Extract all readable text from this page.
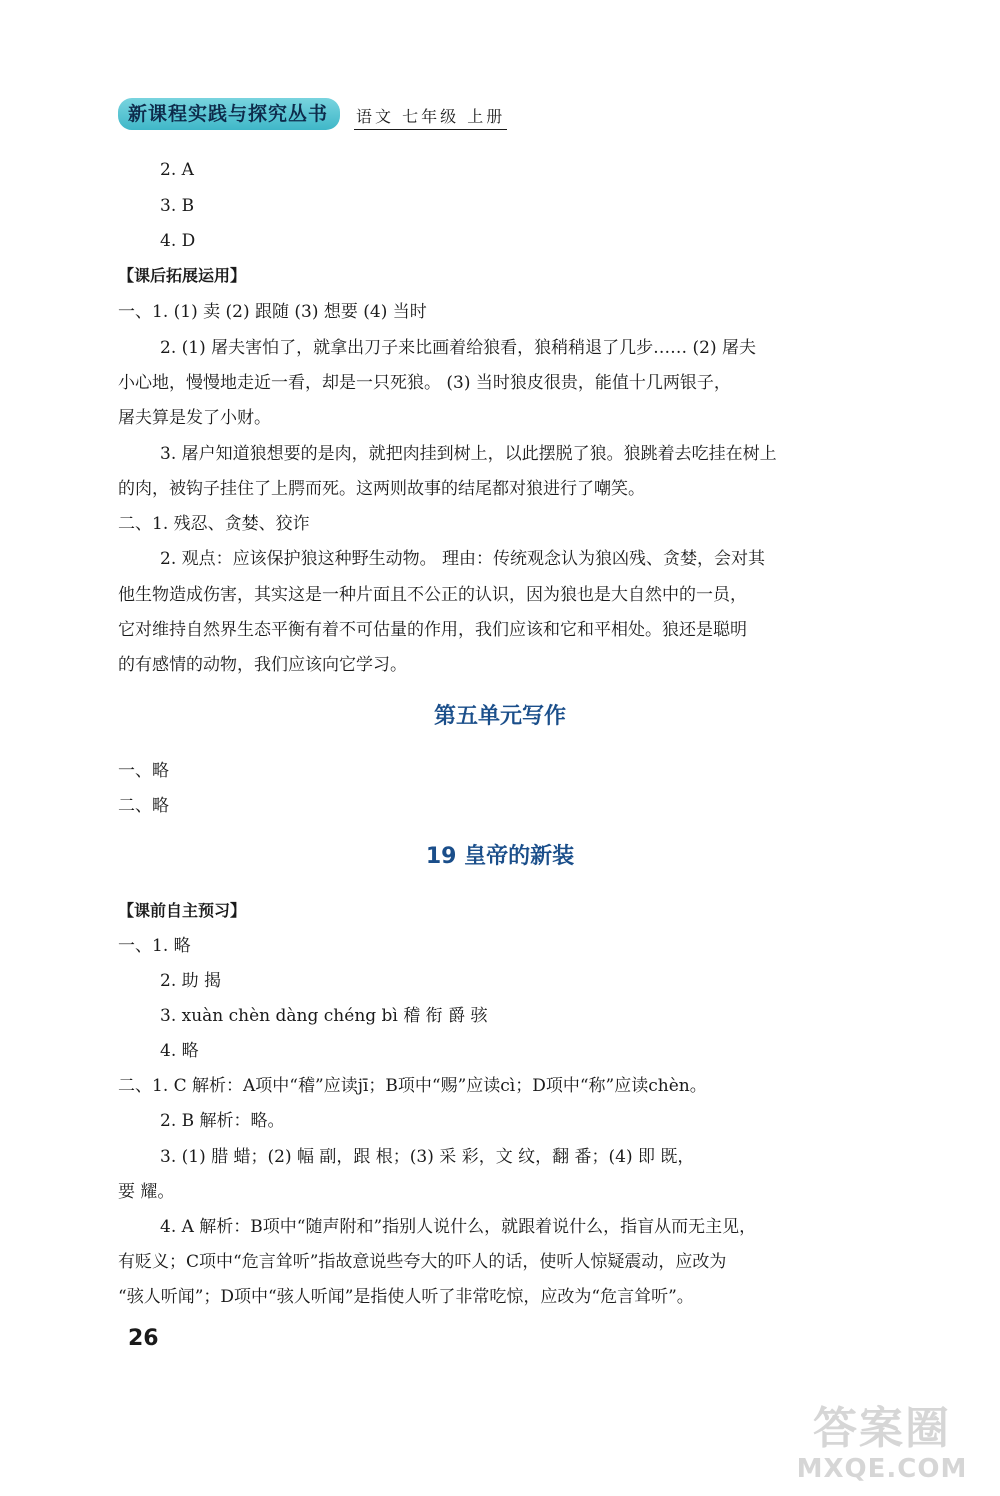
新课程实践与探究丛书	语文 七年级 上册
2. A
3. B
4. D
【课后拓展运用】
一、1. (1) 卖 (2) 跟随 (3) 想要 (4) 当时
2. (1) 屠夫害怕了，就拿出刀子来比画着给狼看，狼稍稍退了几步…… (2) 屠夫
小心地，慢慢地走近一看，却是一只死狼。 (3) 当时狼皮很贵，能值十几两银子，
屠夫算是发了小财。
3. 屠户知道狼想要的是肉，就把肉挂到树上，以此摆脱了狼。狼跳着去吃挂在树上
的肉，被钩子挂住了上腭而死。这两则故事的结尾都对狼进行了嘲笑。
二、1. 残忍、贪婪、狡诈
2. 观点：应该保护狼这种野生动物。 理由：传统观念认为狼凶残、贪婪，会对其
他生物造成伤害，其实这是一种片面且不公正的认识，因为狼也是大自然中的一员，
它对维持自然界生态平衡有着不可估量的作用，我们应该和它和平相处。狼还是聪明
的有感情的动物，我们应该向它学习。
第五单元写作
一、略
二、略
19 皇帝的新装
【课前自主预习】
一、1. 略
2. 助 揭
3. xuàn chèn dàng chéng bì 稽 衔 爵 骇
4. 略
二、1. C 解析：A项中“稽”应读jī；B项中“赐”应读cì；D项中“称”应读chèn。
2. B 解析：略。
3. (1) 腊 蜡；(2) 幅 副，跟 根；(3) 采 彩，文 纹，翻 番；(4) 即 既，
要 耀。
4. A 解析：B项中“随声附和”指别人说什么，就跟着说什么，指盲从而无主见，
有贬义；C项中“危言耸听”指故意说些夸大的吓人的话，使听人惊疑震动，应改为
“骇人听闻”；D项中“骇人听闻”是指使人听了非常吃惊，应改为“危言耸听”。
26
答案圈
MXQE.COM
